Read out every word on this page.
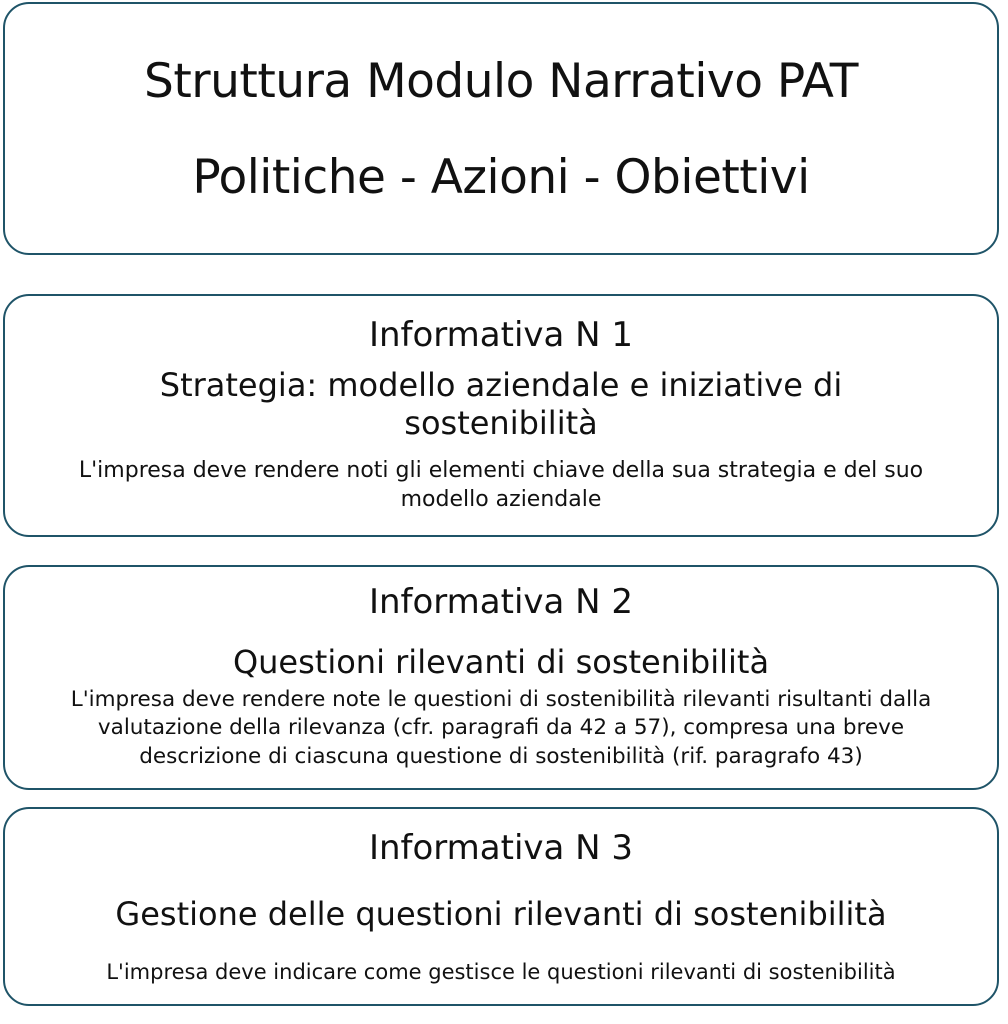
Struttura Modulo Narrativo PAT
Politiche - Azioni - Obiettivi
Informativa N 1
Strategia: modello aziendale e iniziative di sostenibilità
L'impresa deve rendere noti gli elementi chiave della sua strategia e del suo modello aziendale
Informativa N 2
Questioni rilevanti di sostenibilità
L'impresa deve rendere note le questioni di sostenibilità rilevanti risultanti dalla valutazione della rilevanza (cfr. paragrafi da 42 a 57), compresa una breve descrizione di ciascuna questione di sostenibilità (rif. paragrafo 43)
Informativa N 3
Gestione delle questioni rilevanti di sostenibilità
L'impresa deve indicare come gestisce le questioni rilevanti di sostenibilità
